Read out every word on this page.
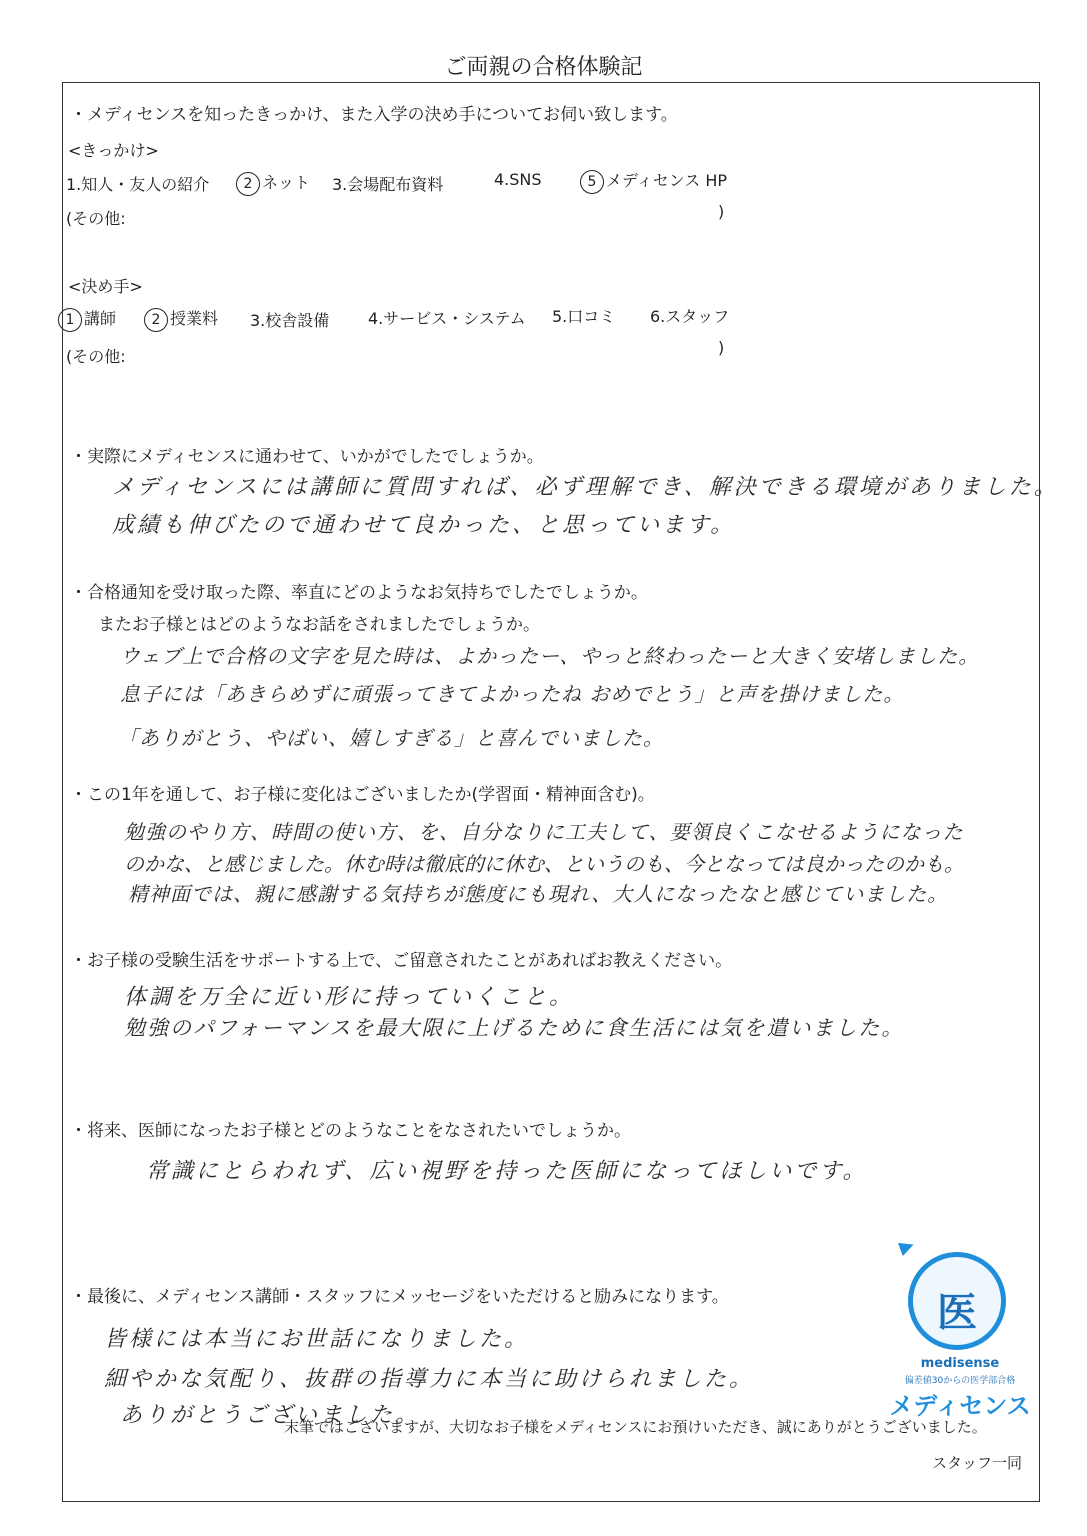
ご両親の合格体験記
・メディセンスを知ったきっかけ、また入学の決め手についてお伺い致します。
<きっかけ>
1.知人・友人の紹介	2 ネット 3.会場配布資料	4.SNS	5 メディセンス HP
(その他:	)
<決め手>
1 講師	2 授業料 3.校舎設備 4.サービス・システム 5.口コミ 6.スタッフ
(その他:	)
・実際にメディセンスに通わせて、いかがでしたでしょうか。
メディセンスには講師に質問すれば、必ず理解でき、解決できる環境がありました。
成績も伸びたので通わせて良かった、と思っています。
・合格通知を受け取った際、率直にどのようなお気持ちでしたでしょうか。
またお子様とはどのようなお話をされましたでしょうか。
ウェブ上で合格の文字を見た時は、よかったー、やっと終わったーと大きく安堵しました。
息子には「あきらめずに頑張ってきてよかったね おめでとう」と声を掛けました。
「ありがとう、やばい、嬉しすぎる」と喜んでいました。
・この1年を通して、お子様に変化はございましたか(学習面・精神面含む)。
勉強のやり方、時間の使い方、を、自分なりに工夫して、要領良くこなせるようになった
のかな、と感じました。休む時は徹底的に休む、というのも、今となっては良かったのかも。
精神面では、親に感謝する気持ちが態度にも現れ、大人になったなと感じていました。
・お子様の受験生活をサポートする上で、ご留意されたことがあればお教えください。
体調を万全に近い形に持っていくこと。
勉強のパフォーマンスを最大限に上げるために食生活には気を遣いました。
・将来、医師になったお子様とどのようなことをなされたいでしょうか。
常識にとらわれず、広い視野を持った医師になってほしいです。
・最後に、メディセンス講師・スタッフにメッセージをいただけると励みになります。
皆様には本当にお世話になりました。
細やかな気配り、抜群の指導力に本当に助けられました。
ありがとうございました。
医
medisense
偏差値30からの医学部合格
メディセンス
末筆ではございますが、大切なお子様をメディセンスにお預けいただき、誠にありがとうございました。
スタッフ一同
